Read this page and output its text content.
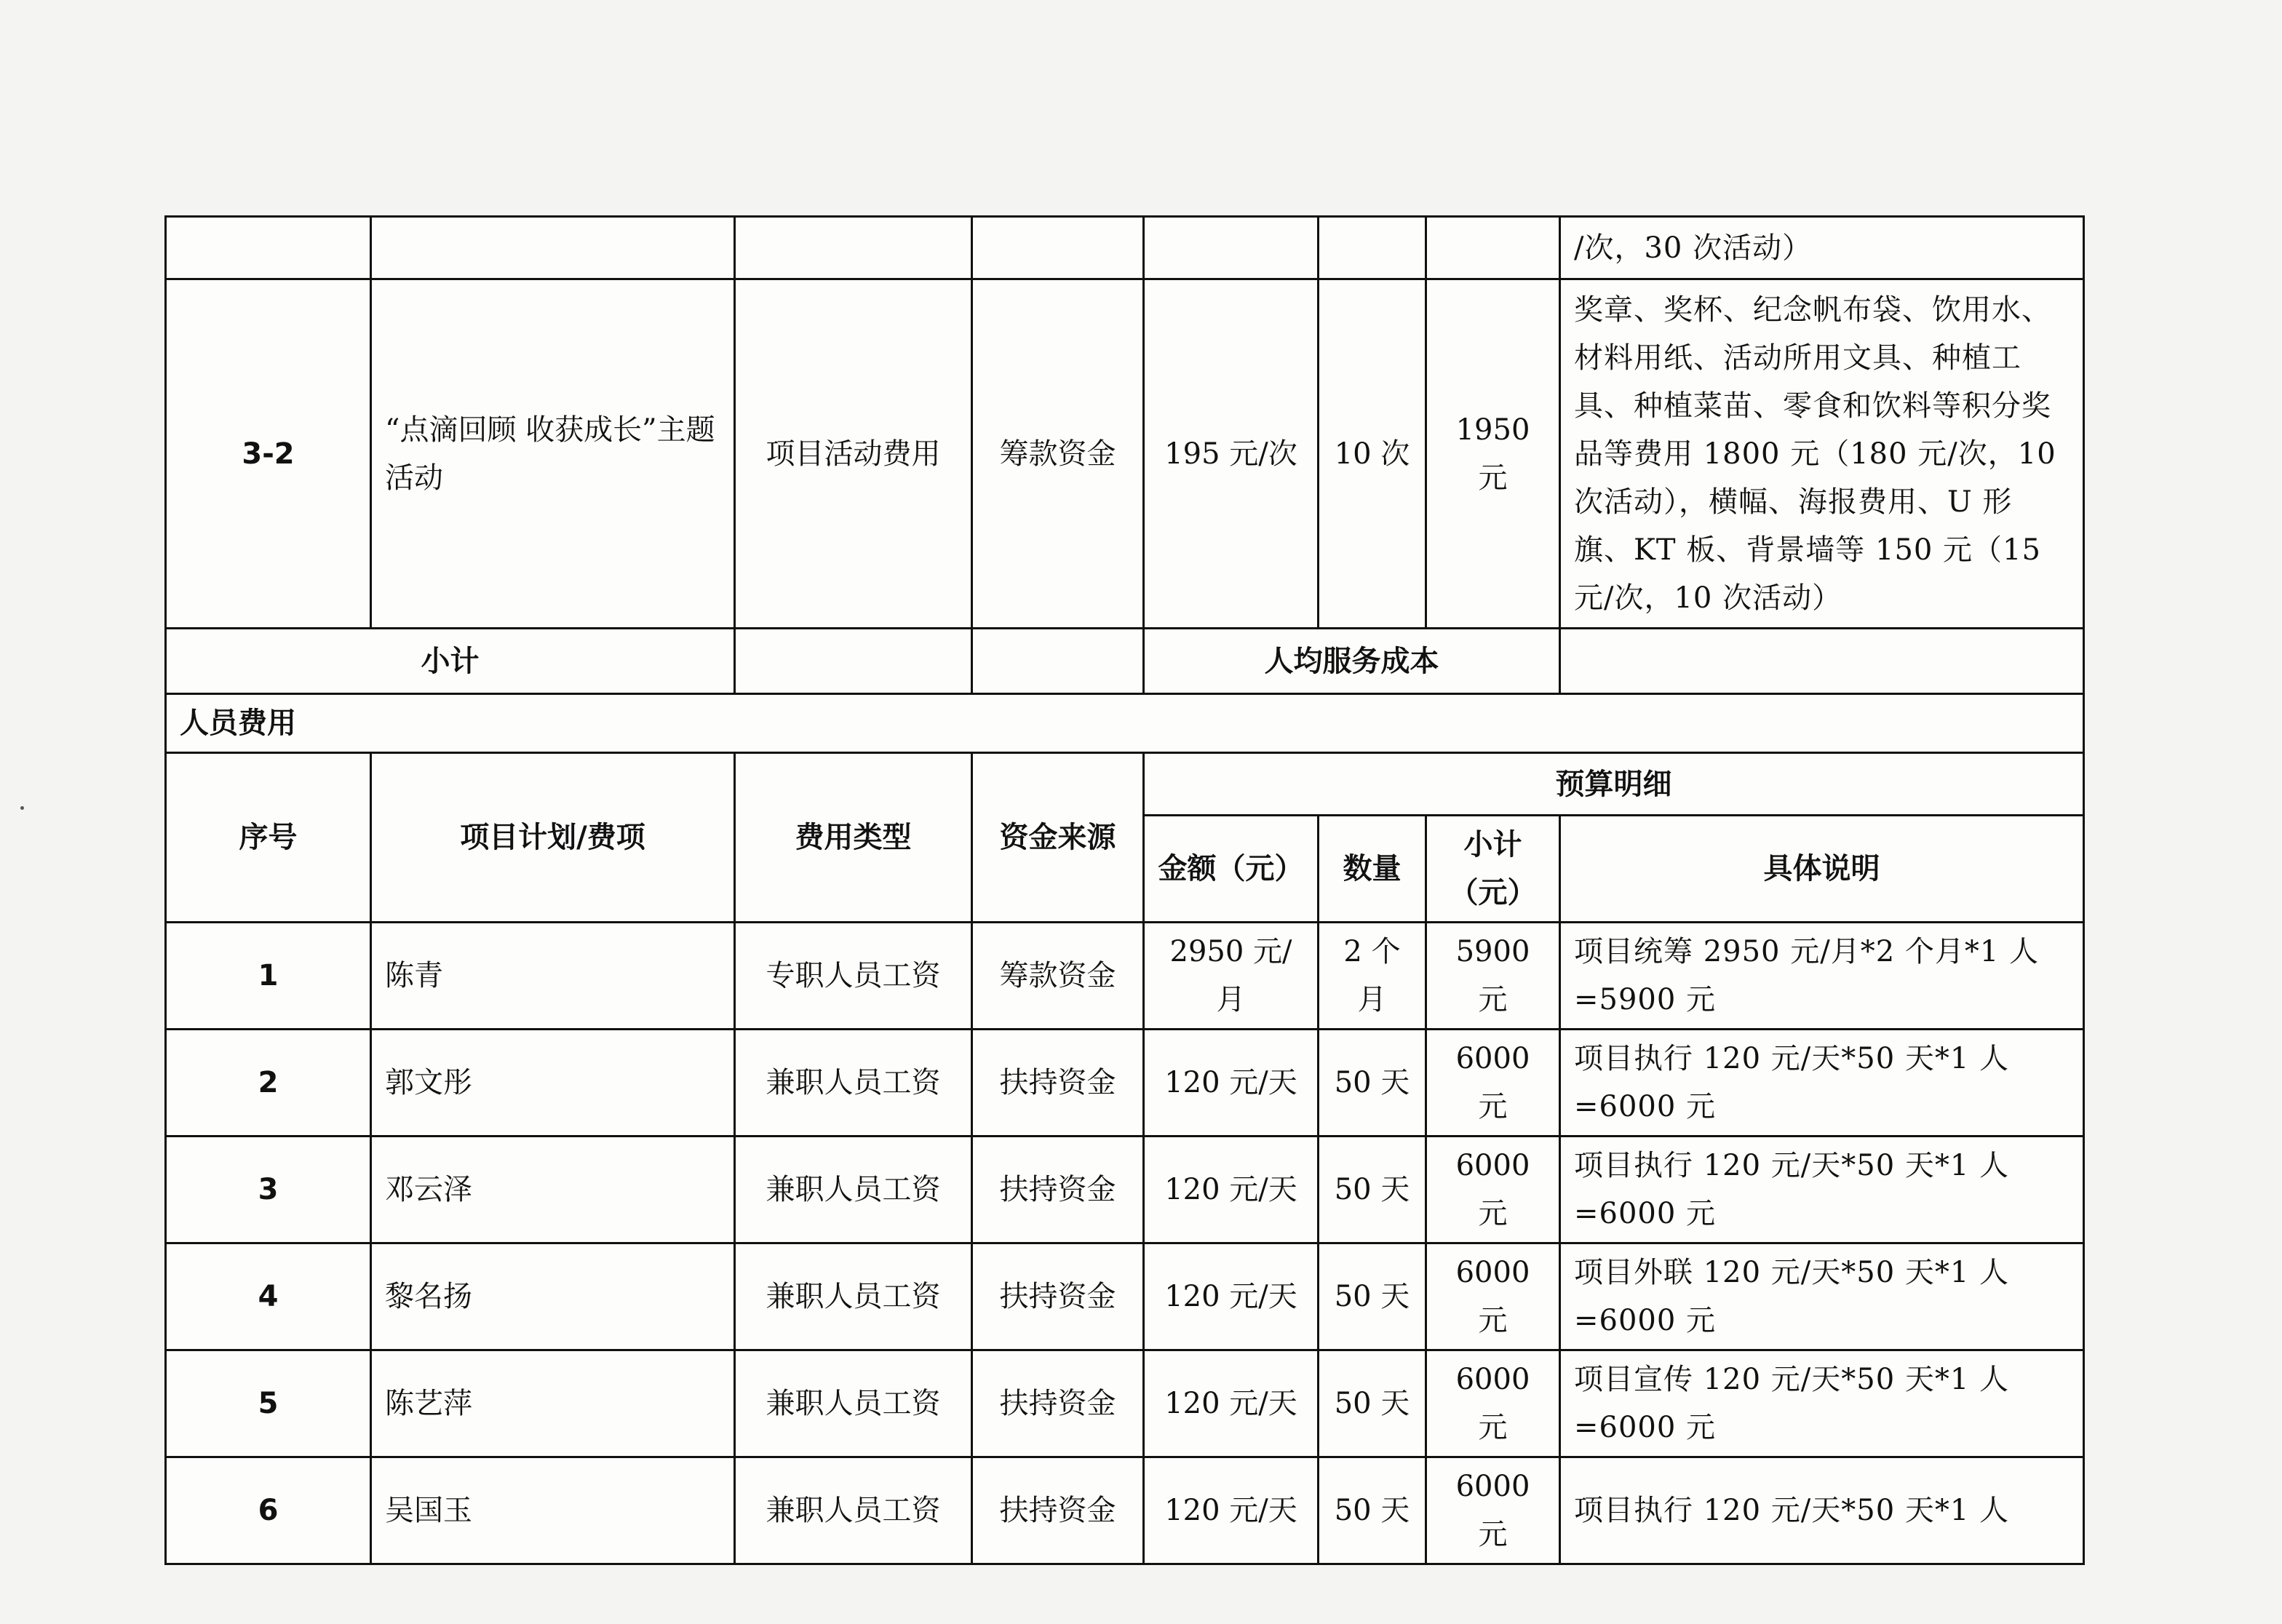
							/次，30 次活动）
3-2	“点滴回顾 收获成长”主题活动	项目活动费用	筹款资金	195 元/次	10 次	1950 元	奖章、奖杯、纪念帆布袋、饮用水、材料用纸、活动所用文具、种植工具、种植菜苗、零食和饮料等积分奖品等费用 1800 元（180 元/次，10 次活动），横幅、海报费用、U 形旗、KT 板、背景墙等 150 元（15 元/次，10 次活动）
小计				人均服务成本			
人员费用							
序号	项目计划/费项	费用类型	资金来源	预算明细			
				金额（元）	数量	小计（元）	具体说明
1	陈青	专职人员工资	筹款资金	2950 元/月	2 个月	5900 元	项目统筹 2950 元/月*2 个月*1 人=5900 元
2	郭文彤	兼职人员工资	扶持资金	120 元/天	50 天	6000 元	项目执行 120 元/天*50 天*1 人=6000 元
3	邓云泽	兼职人员工资	扶持资金	120 元/天	50 天	6000 元	项目执行 120 元/天*50 天*1 人=6000 元
4	黎名扬	兼职人员工资	扶持资金	120 元/天	50 天	6000 元	项目外联 120 元/天*50 天*1 人=6000 元
5	陈艺萍	兼职人员工资	扶持资金	120 元/天	50 天	6000 元	项目宣传 120 元/天*50 天*1 人=6000 元
6	吴国玉	兼职人员工资	扶持资金	120 元/天	50 天	6000 元	项目执行 120 元/天*50 天*1 人
